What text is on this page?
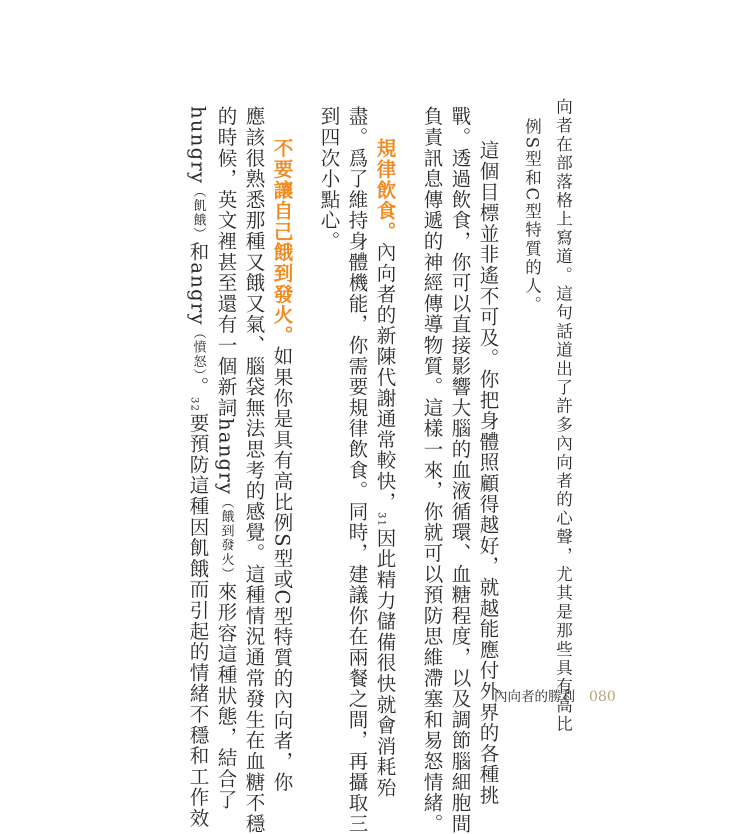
向者在部落格上寫道。這句話道出了許多內向者的心聲，尤其是那些具有高比
例S型和C型特質的人。
這個目標並非遙不可及。你把身體照顧得越好，就越能應付外界的各種挑
戰。透過飲食，你可以直接影響大腦的血液循環、血糖程度，以及調節腦細胞間
負責訊息傳遞的神經傳導物質。這樣一來，你就可以預防思維滯塞和易怒情緒。
規律飲食。內向者的新陳代謝通常較快，31因此精力儲備很快就會消耗殆
盡。爲了維持身體機能，你需要規律飲食。同時，建議你在兩餐之間，再攝取三
到四次小點心。
不要讓自己餓到發火。如果你是具有高比例S型或C型特質的內向者，你
應該很熟悉那種又餓又氣、腦袋無法思考的感覺。這種情況通常發生在血糖不穩
的時候，英文裡甚至還有一個新詞hangry（餓到發火）來形容這種狀態，結合了
hungry（飢餓）和angry（憤怒）。32要預防這種因飢餓而引起的情緒不穩和工作效	內向者的勝利 080
